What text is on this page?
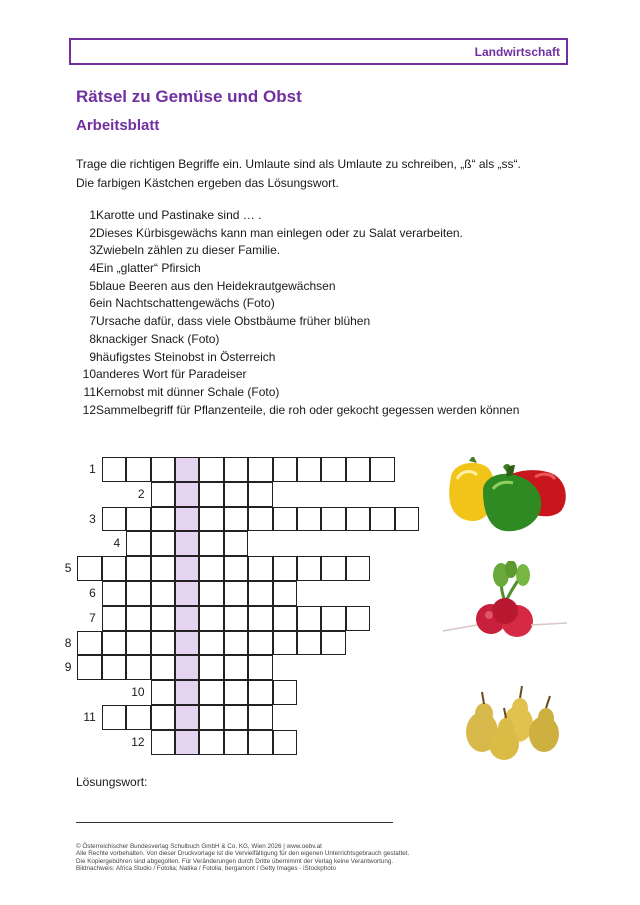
Landwirtschaft
Rätsel zu Gemüse und Obst
Arbeitsblatt

Trage die richtigen Begriffe ein. Umlaute sind als Umlaute zu schreiben, „ß“ als „ss“.

Die farbigen Kästchen ergeben das Lösungswort.

1Karotte und Pastinake sind … .
2Dieses Kürbisgewächs kann man einlegen oder zu Salat verarbeiten.
3Zwiebeln zählen zu dieser Familie.
4Ein „glatter“ Pfirsich
5blaue Beeren aus den Heidekrautgewächsen
6ein Nachtschattengewächs (Foto)
7Ursache dafür, dass viele Obstbäume früher blühen
8knackiger Snack (Foto)
9häufigstes Steinobst in Österreich
10anderes Wort für Paradeiser
11Kernobst mit dünner Schale (Foto)
12Sammelbegriff für Pflanzenteile, die roh oder gekocht gegessen werden können
1
2
3
4
5
6
7
8
9
10
11
12
Lösungswort:

© Österreichischer Bundesverlag Schulbuch GmbH & Co. KG, Wien 2026 | www.oebv.at

Alle Rechte vorbehalten. Von dieser Druckvorlage ist die Vervielfältigung für den eigenen Unterrichtsgebrauch gestattet.

Die Kopiergebühren sind abgegolten. Für Veränderungen durch Dritte übernimmt der Verlag keine Verantwortung.

Bildnachweis: Africa Studio / Fotolia; Natika / Fotolia; bergamont / Getty Images - iStockphoto
